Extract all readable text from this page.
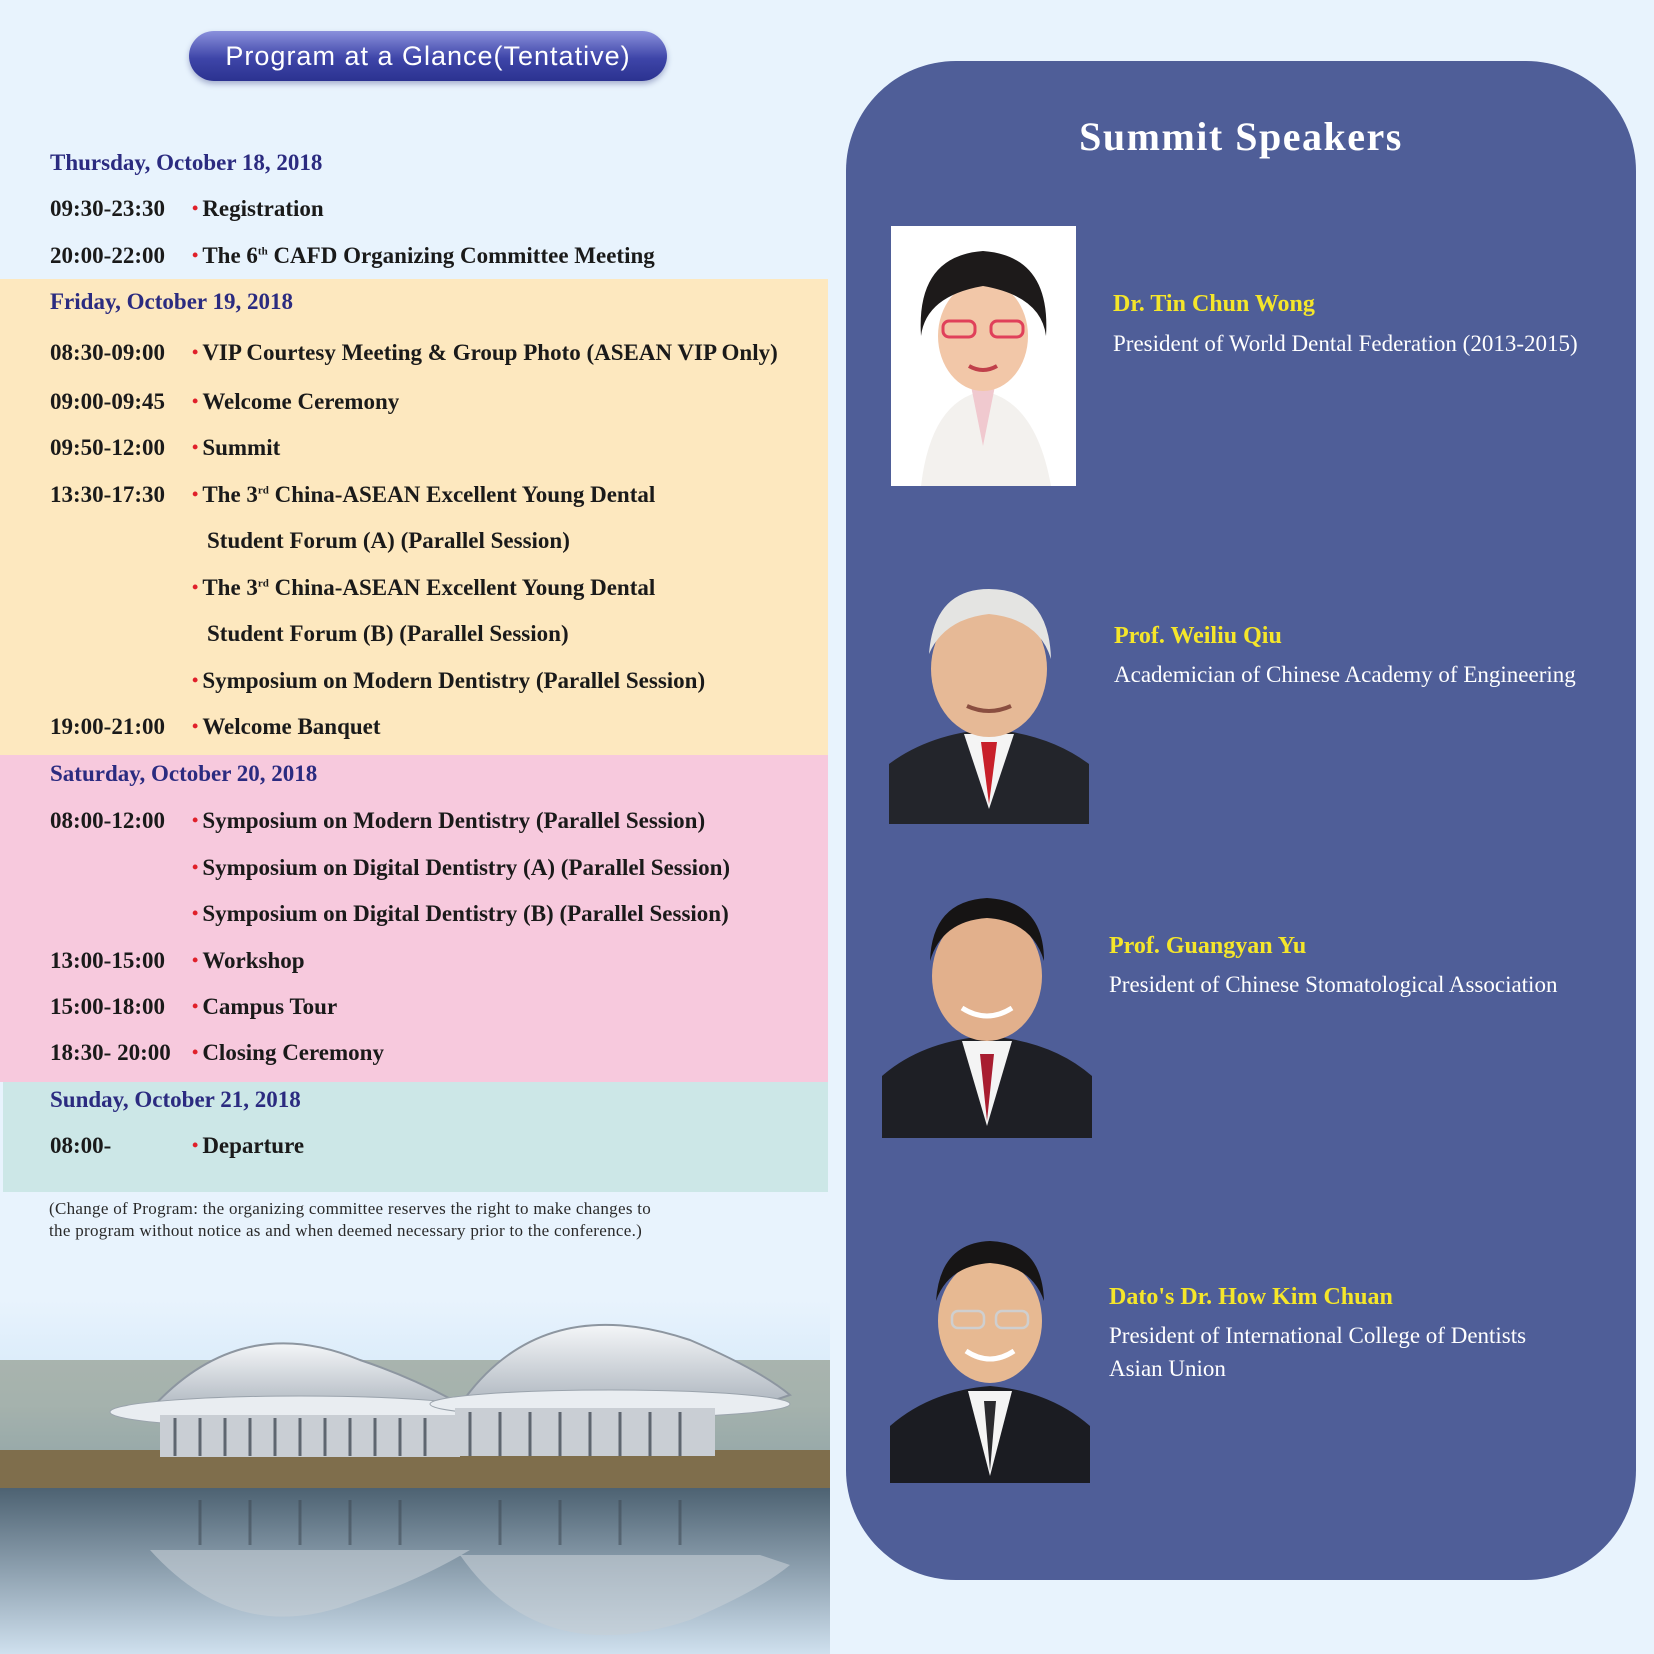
Program at a Glance(Tentative)
Thursday, October 18, 2018
09:30-23:30 • Registration
20:00-22:00 • The 6th CAFD Organizing Committee Meeting
Friday, October 19, 2018
08:30-09:00 • VIP Courtesy Meeting & Group Photo (ASEAN VIP Only)
09:00-09:45 • Welcome Ceremony
09:50-12:00 • Summit
13:30-17:30 • The 3rd China-ASEAN Excellent Young Dental
Student Forum (A) (Parallel Session)
• The 3rd China-ASEAN Excellent Young Dental
Student Forum (B) (Parallel Session)
• Symposium on Modern Dentistry (Parallel Session)
19:00-21:00 • Welcome Banquet
Saturday, October 20, 2018
08:00-12:00 • Symposium on Modern Dentistry (Parallel Session)
• Symposium on Digital Dentistry (A) (Parallel Session)
• Symposium on Digital Dentistry (B) (Parallel Session)
13:00-15:00 • Workshop
15:00-18:00 • Campus Tour
18:30- 20:00 • Closing Ceremony
Sunday, October 21, 2018
08:00-	• Departure
(Change of Program: the organizing committee reserves the right to make changes to
the program without notice as and when deemed necessary prior to the conference.)
Summit Speakers
Dr. Tin Chun Wong
President of World Dental Federation (2013-2015)
Prof. Weiliu Qiu
Academician of Chinese Academy of Engineering
Prof. Guangyan Yu
President of Chinese Stomatological Association
Dato's Dr. How Kim Chuan
President of International College of Dentists
Asian Union
